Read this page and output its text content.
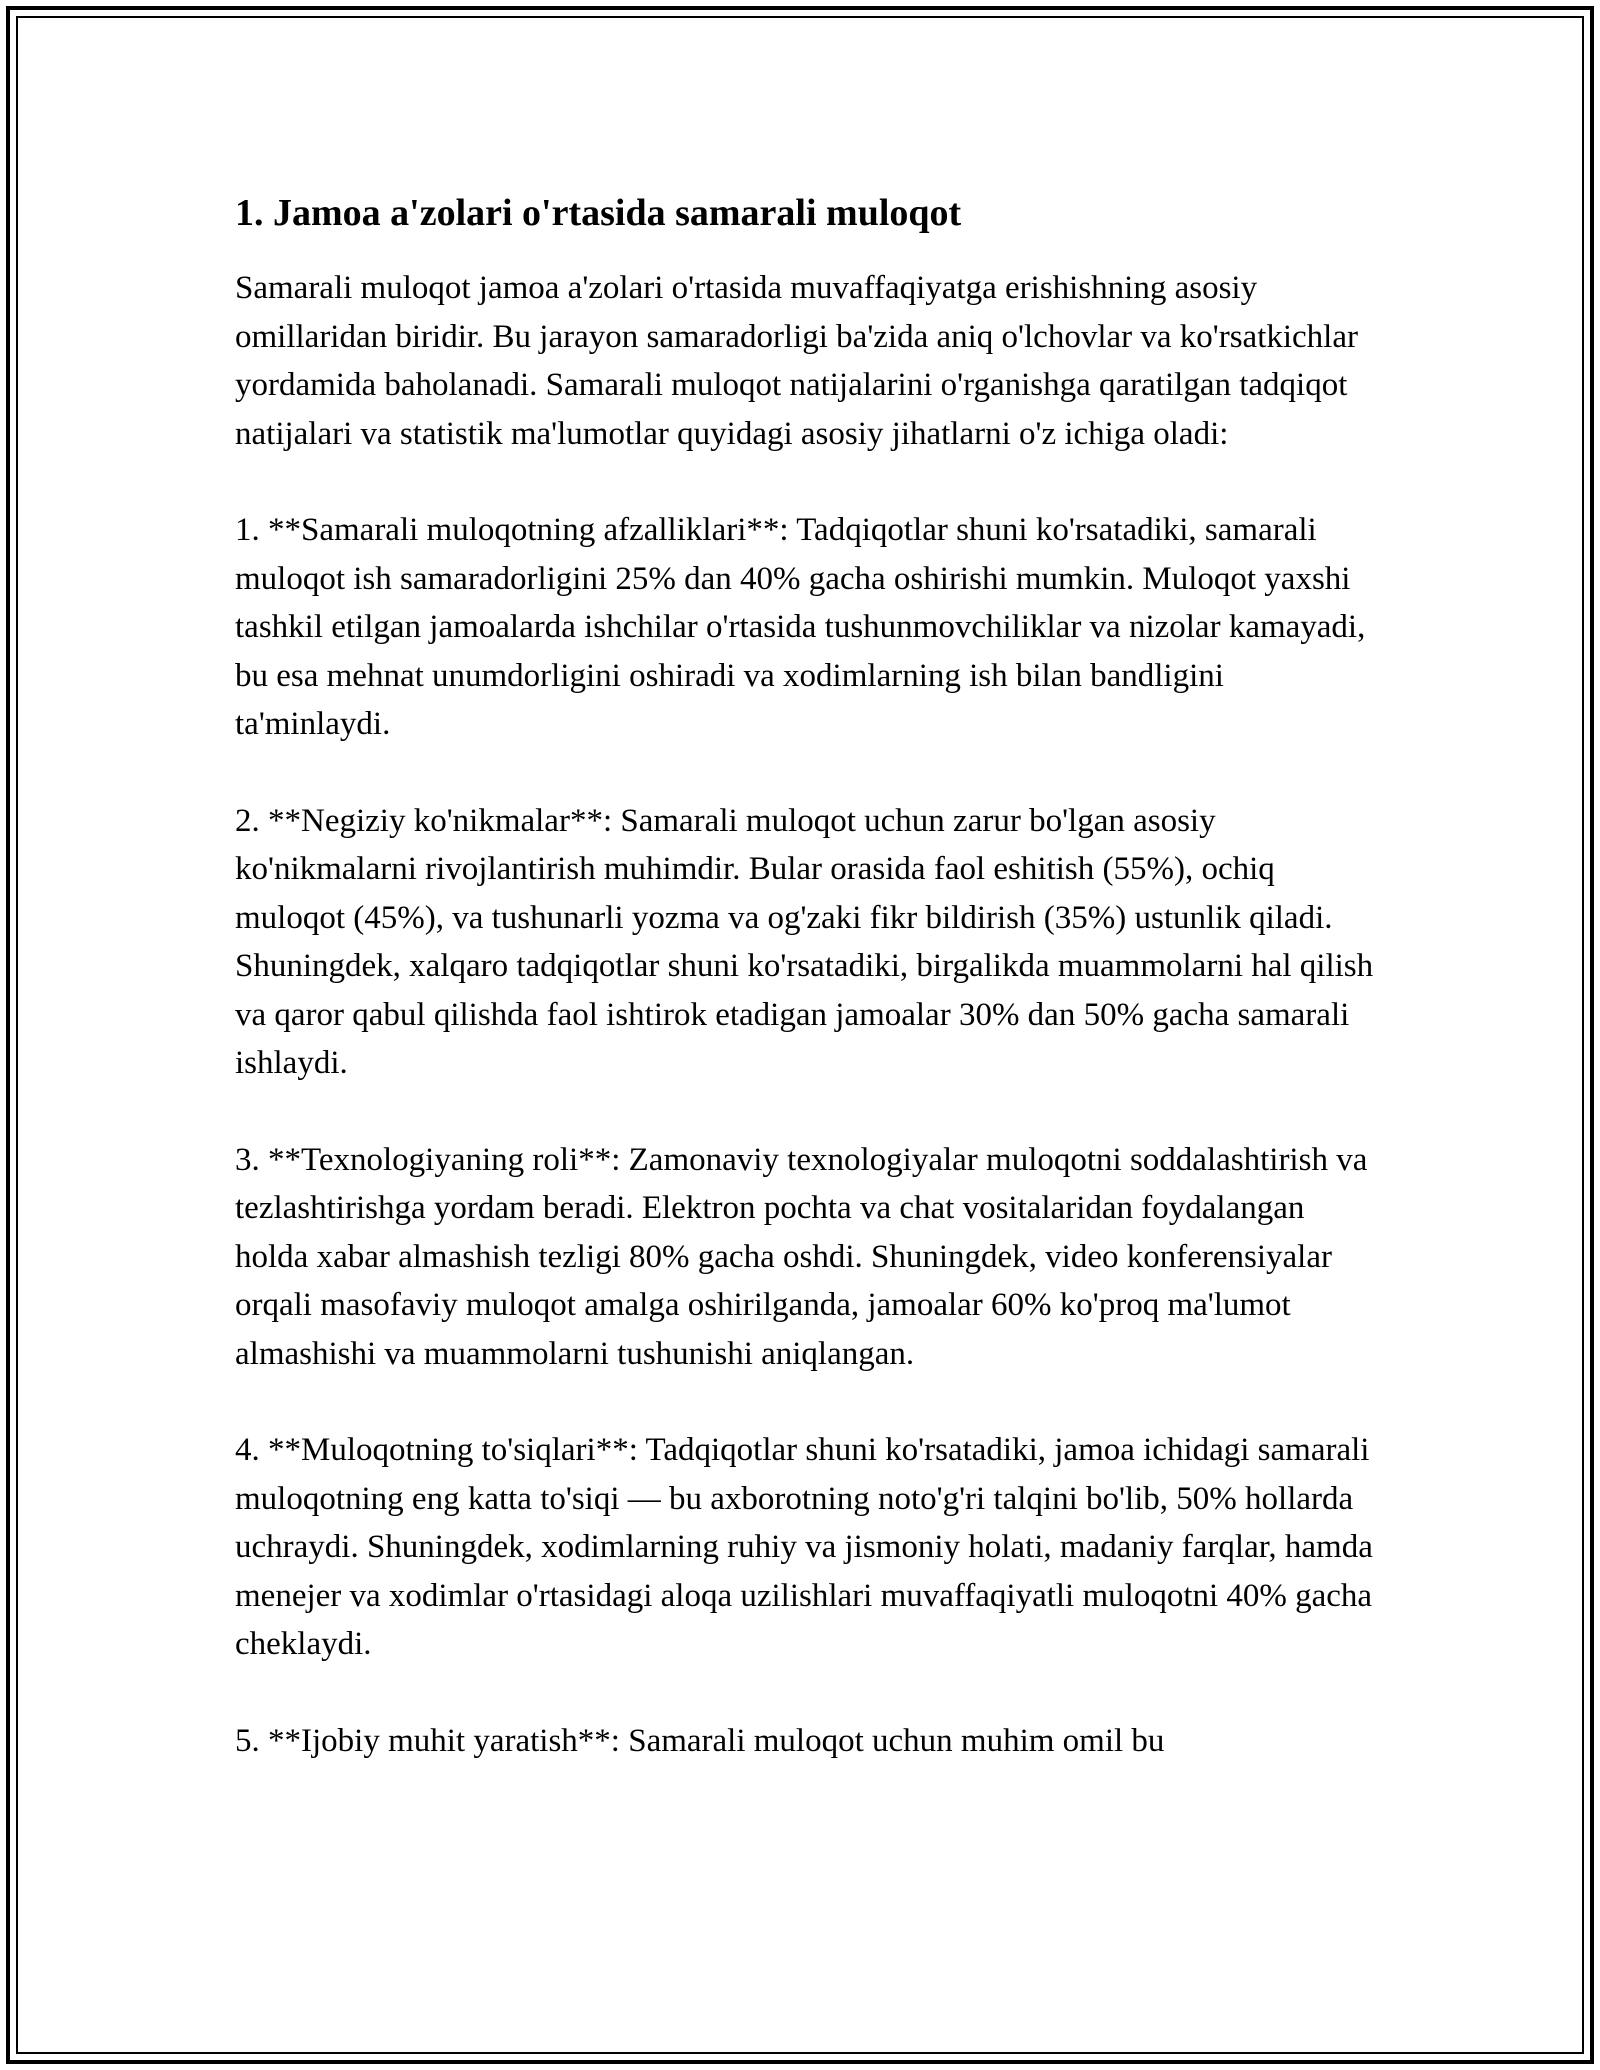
1. Jamoa a'zolari o'rtasida samarali muloqot

Samarali muloqot jamoa a'zolari o'rtasida muvaffaqiyatga erishishning asosiy omillaridan biridir. Bu jarayon samaradorligi ba'zida aniq o'lchovlar va ko'rsatkichlar yordamida baholanadi. Samarali muloqot natijalarini o'rganishga qaratilgan tadqiqot natijalari va statistik ma'lumotlar quyidagi asosiy jihatlarni o'z ichiga oladi:

1. **Samarali muloqotning afzalliklari**: Tadqiqotlar shuni ko'rsatadiki, samarali muloqot ish samaradorligini 25% dan 40% gacha oshirishi mumkin. Muloqot yaxshi tashkil etilgan jamoalarda ishchilar o'rtasida tushunmovchiliklar va nizolar kamayadi, bu esa mehnat unumdorligini oshiradi va xodimlarning ish bilan bandligini ta'minlaydi.

2. **Negiziy ko'nikmalar**: Samarali muloqot uchun zarur bo'lgan asosiy ko'nikmalarni rivojlantirish muhimdir. Bular orasida faol eshitish (55%), ochiq muloqot (45%), va tushunarli yozma va og'zaki fikr bildirish (35%) ustunlik qiladi. Shuningdek, xalqaro tadqiqotlar shuni ko'rsatadiki, birgalikda muammolarni hal qilish va qaror qabul qilishda faol ishtirok etadigan jamoalar 30% dan 50% gacha samarali ishlaydi.

3. **Texnologiyaning roli**: Zamonaviy texnologiyalar muloqotni soddalashtirish va tezlashtirishga yordam beradi. Elektron pochta va chat vositalaridan foydalangan holda xabar almashish tezligi 80% gacha oshdi. Shuningdek, video konferensiyalar orqali masofaviy muloqot amalga oshirilganda, jamoalar 60% ko'proq ma'lumot almashishi va muammolarni tushunishi aniqlangan.

4. **Muloqotning to'siqlari**: Tadqiqotlar shuni ko'rsatadiki, jamoa ichidagi samarali muloqotning eng katta to'siqi — bu axborotning noto'g'ri talqini bo'lib, 50% hollarda uchraydi. Shuningdek, xodimlarning ruhiy va jismoniy holati, madaniy farqlar, hamda menejer va xodimlar o'rtasidagi aloqa uzilishlari muvaffaqiyatli muloqotni 40% gacha cheklaydi.

5. **Ijobiy muhit yaratish**: Samarali muloqot uchun muhim omil bu
